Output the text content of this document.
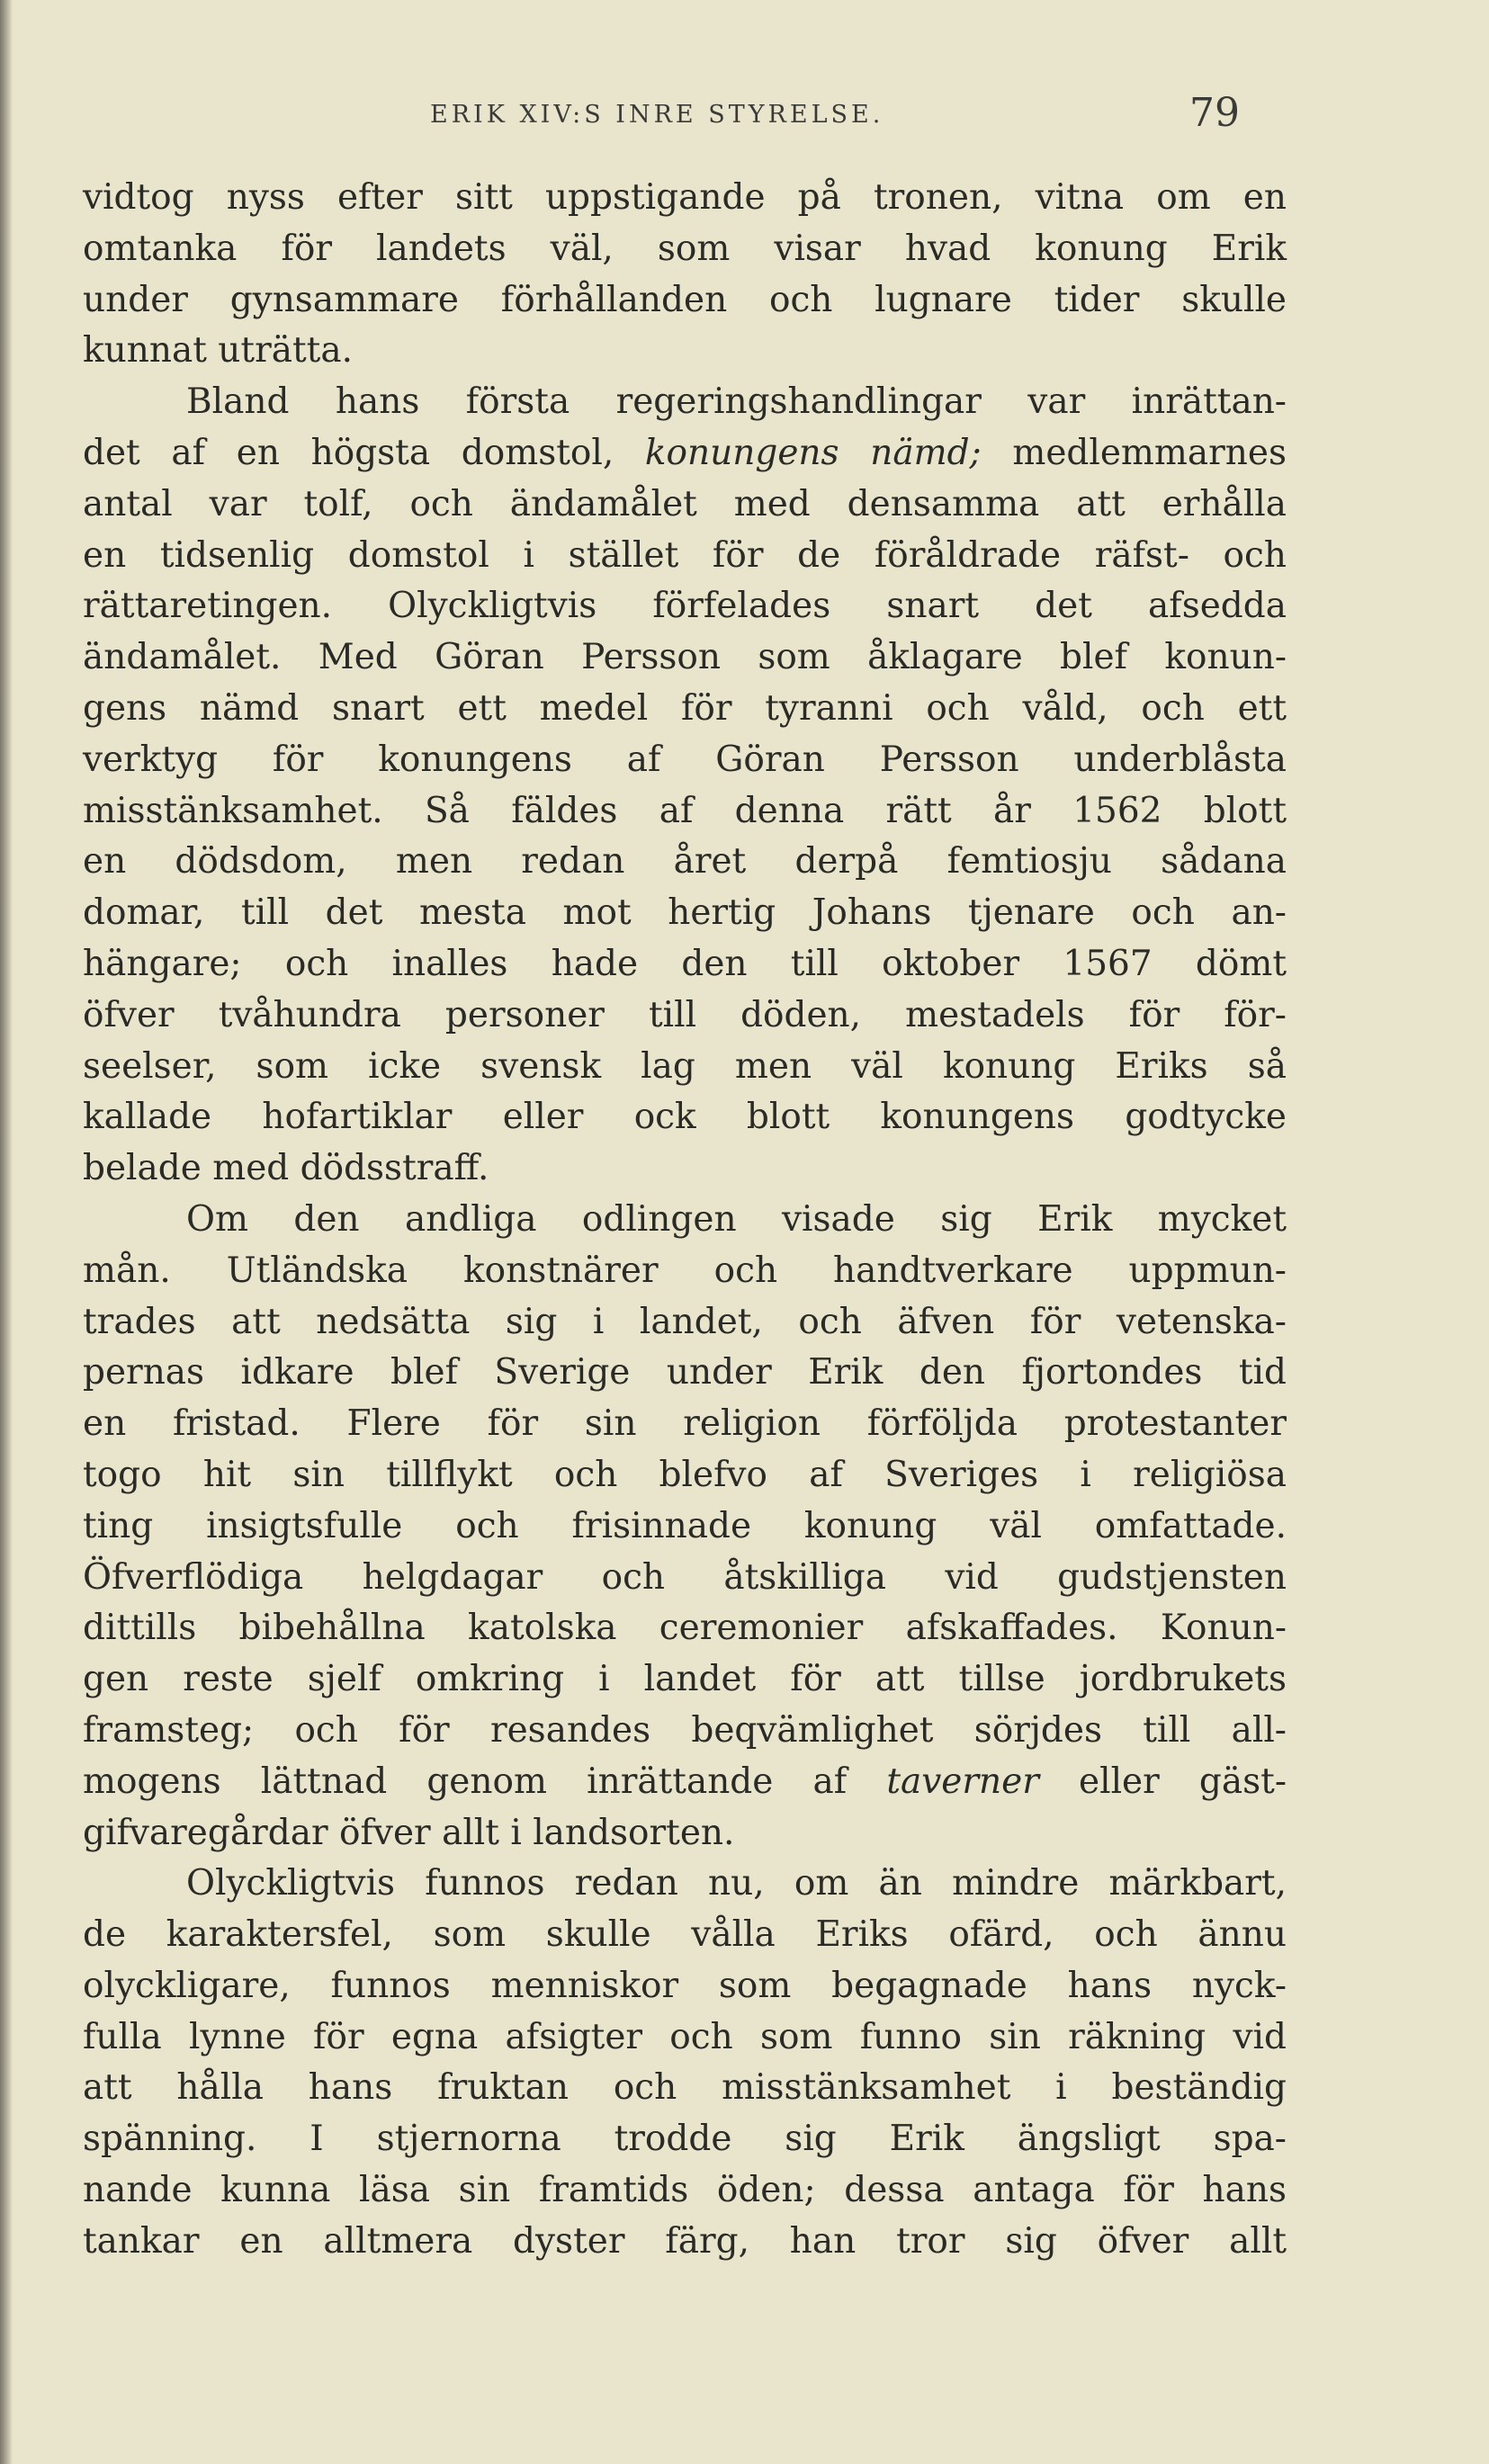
ERIK XIV:S INRE STYRELSE.	79
vidtog nyss efter sitt uppstigande på tronen, vitna om en
omtanka för landets väl, som visar hvad konung Erik
under gynsammare förhållanden och lugnare tider skulle
kunnat uträtta.
Bland hans första regeringshandlingar var inrättan-
det af en högsta domstol, konungens nämd; medlemmarnes
antal var tolf, och ändamålet med densamma att erhålla
en tidsenlig domstol i stället för de föråldrade räfst- och
rättaretingen. Olyckligtvis förfelades snart det afsedda
ändamålet. Med Göran Persson som åklagare blef konun-
gens nämd snart ett medel för tyranni och våld, och ett
verktyg för konungens af Göran Persson underblåsta
misstänksamhet. Så fäldes af denna rätt år 1562 blott
en dödsdom, men redan året derpå femtiosju sådana
domar, till det mesta mot hertig Johans tjenare och an-
hängare; och inalles hade den till oktober 1567 dömt
öfver tvåhundra personer till döden, mestadels för för-
seelser, som icke svensk lag men väl konung Eriks så
kallade hofartiklar eller ock blott konungens godtycke
belade med dödsstraff.
Om den andliga odlingen visade sig Erik mycket
mån. Utländska konstnärer och handtverkare uppmun-
trades att nedsätta sig i landet, och äfven för vetenska-
pernas idkare blef Sverige under Erik den fjortondes tid
en fristad. Flere för sin religion förföljda protestanter
togo hit sin tillflykt och blefvo af Sveriges i religiösa
ting insigtsfulle och frisinnade konung väl omfattade.
Öfverflödiga helgdagar och åtskilliga vid gudstjensten
dittills bibehållna katolska ceremonier afskaffades. Konun-
gen reste sjelf omkring i landet för att tillse jordbrukets
framsteg; och för resandes beqvämlighet sörjdes till all-
mogens lättnad genom inrättande af taverner eller gäst-
gifvaregårdar öfver allt i landsorten.
Olyckligtvis funnos redan nu, om än mindre märkbart,
de karaktersfel, som skulle vålla Eriks ofärd, och ännu
olyckligare, funnos menniskor som begagnade hans nyck-
fulla lynne för egna afsigter och som funno sin räkning vid
att hålla hans fruktan och misstänksamhet i beständig
spänning. I stjernorna trodde sig Erik ängsligt spa-
nande kunna läsa sin framtids öden; dessa antaga för hans
tankar en alltmera dyster färg, han tror sig öfver allt
